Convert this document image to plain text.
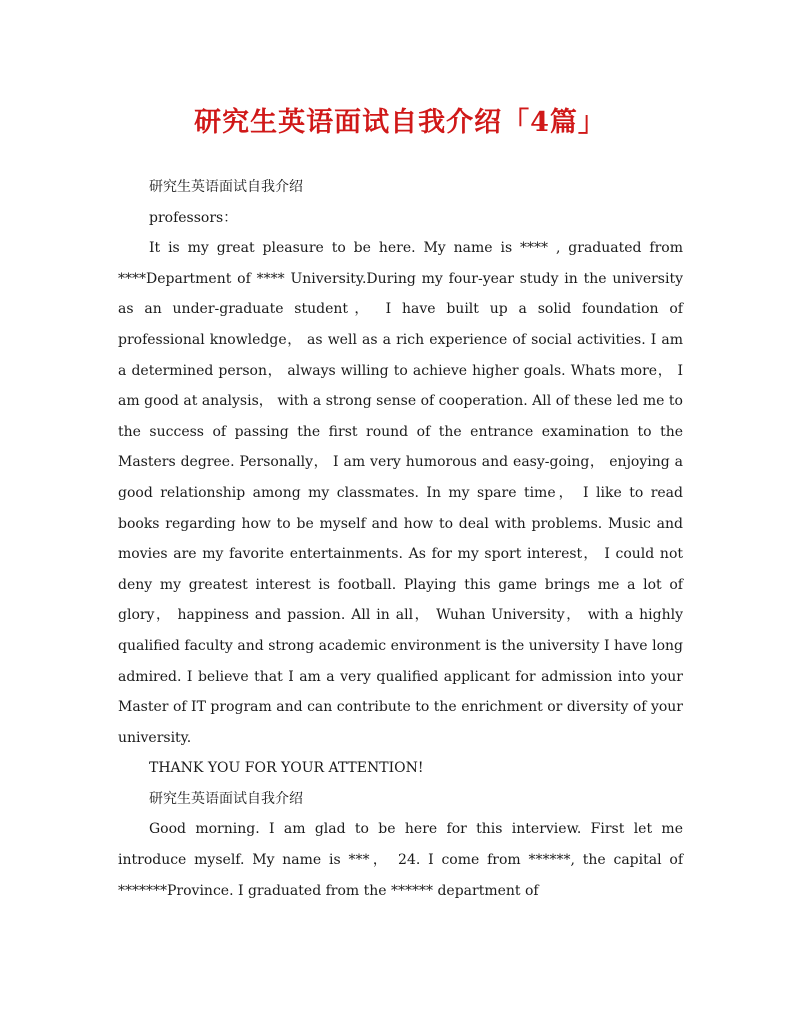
研究生英语面试自我介绍「4篇」

研究生英语面试自我介绍

professors：

It is my great pleasure to be here. My name is **** , graduated from ****Department of **** University.During my four-year study in the university as an under-graduate student， I have built up a solid foundation of professional knowledge， as well as a rich experience of social activities. I am a determined person， always willing to achieve higher goals. Whats more， I am good at analysis， with a strong sense of cooperation. All of these led me to the success of passing the first round of the entrance examination to the Masters degree. Personally， I am very humorous and easy-going， enjoying a good relationship among my classmates. In my spare time， I like to read books regarding how to be myself and how to deal with problems. Music and movies are my favorite entertainments. As for my sport interest， I could not deny my greatest interest is football. Playing this game brings me a lot of glory， happiness and passion. All in all， Wuhan University， with a highly qualified faculty and strong academic environment is the university I have long admired. I believe that I am a very qualified applicant for admission into your Master of IT program and can contribute to the enrichment or diversity of your university.

THANK YOU FOR YOUR ATTENTION!

研究生英语面试自我介绍

Good morning. I am glad to be here for this interview. First let me introduce myself. My name is ***， 24. I come from ******, the capital of *******Province. I graduated from the ****** department of
